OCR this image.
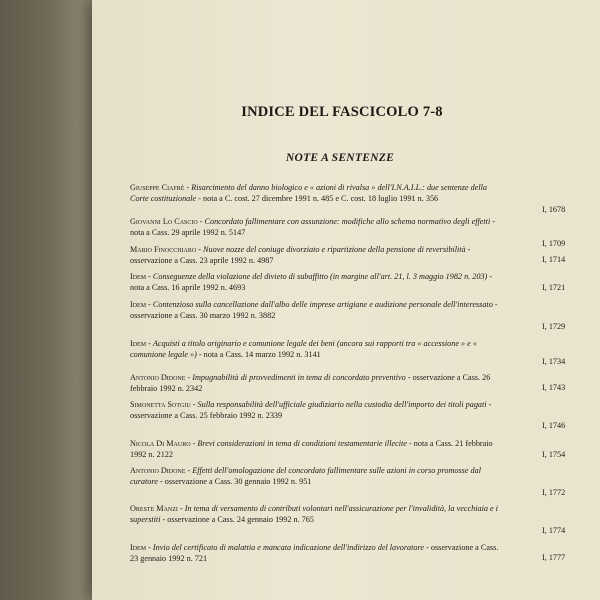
INDICE DEL FASCICOLO 7-8
NOTE A SENTENZE
Giuseppe Ciafrè - Risarcimento del danno biologico e « azioni di rivalsa » dell'I.N.A.I.L.: due sentenze della Corte costituzionale - nota a C. cost. 27 dicembre 1991 n. 485 e C. cost. 18 luglio 1991 n. 356
I, 1678
Giovanni Lo Cascio - Concordato fallimentare con assunzione: modifiche allo schema normativo degli effetti - nota a Cass. 29 aprile 1992 n. 5147
I, 1709
Mario Finocchiaro - Nuove nozze del coniuge divorziato e ripartizione della pensione di reversibilità - osservazione a Cass. 23 aprile 1992 n. 4987	I, 1714
Idem - Conseguenze della violazione del divieto di subaffitto (in margine all'art. 21, l. 3 maggio 1982 n. 203) - nota a Cass. 16 aprile 1992 n. 4693	I, 1721
Idem - Contenzioso sulla cancellazione dall'albo delle imprese artigiane e audizione personale dell'interessato - osservazione a Cass. 30 marzo 1992 n. 3882
I, 1729
Idem - Acquisti a titolo originario e comunione legale dei beni (ancora sui rapporti tra « accessione » e « comunione legale ») - nota a Cass. 14 marzo 1992 n. 3141
I, 1734
Antonio Didone - Impugnabilità di provvedimenti in tema di concordato preventivo - osservazione a Cass. 26 febbraio 1992 n. 2342	I, 1743
Simonetta Sotgiu - Sulla responsabilità dell'ufficiale giudiziario nella custodia dell'importo dei titoli pagati - osservazione a Cass. 25 febbraio 1992 n. 2339
I, 1746
Nicola Di Mauro - Brevi considerazioni in tema di condizioni testamentarie illecite - nota a Cass. 21 febbraio 1992 n. 2122	I, 1754
Antonio Didone - Effetti dell'omologazione del concordato fallimentare sulle azioni in corso promosse dal curatore - osservazione a Cass. 30 gennaio 1992 n. 951
I, 1772
Oreste Manzi - In tema di versamento di contributi volontari nell'assicurazione per l'invalidità, la vecchiaia e i superstiti - osservazione a Cass. 24 gennaio 1992 n. 765
I, 1774
Idem - Invio del certificato di malattia e mancata indicazione dell'indirizzo del lavoratore - osservazione a Cass. 23 gennaio 1992 n. 721	I, 1777
